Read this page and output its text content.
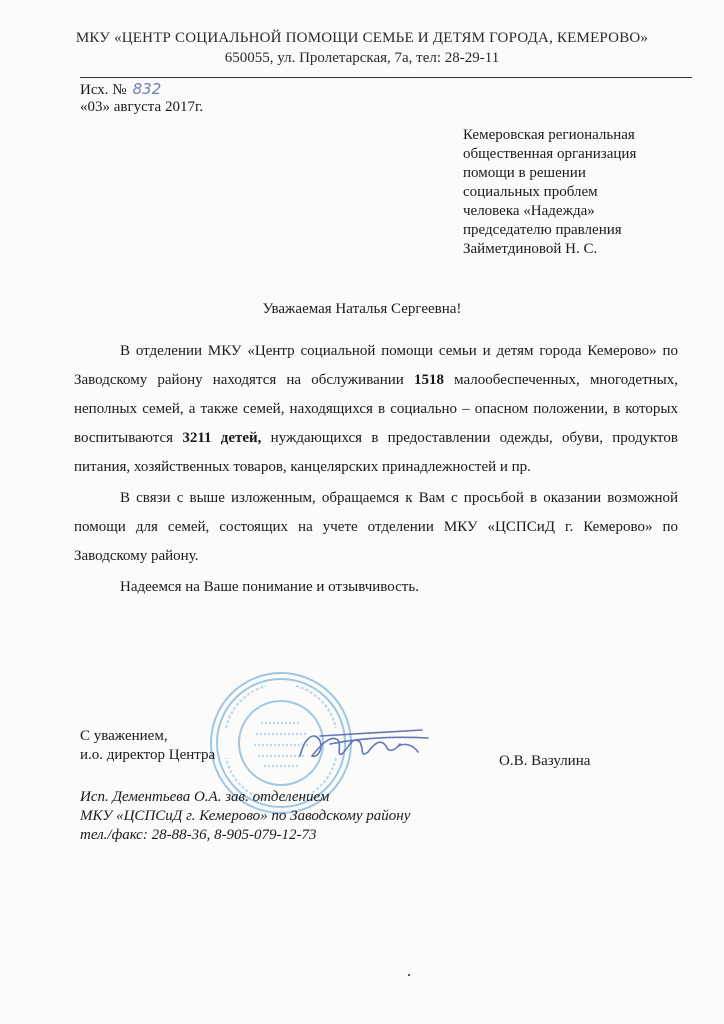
МКУ «ЦЕНТР СОЦИАЛЬНОЙ ПОМОЩИ СЕМЬЕ И ДЕТЯМ ГОРОДА, КЕМЕРОВО»
650055, ул. Пролетарская, 7а, тел: 28-29-11
Исх. № 832
«03» августа 2017г.
Кемеровская региональная
общественная организация
помощи в решении
социальных проблем
человека «Надежда»
председателю правления
Займетдиновой Н. С.
Уважаемая Наталья Сергеевна!

В отделении МКУ «Центр социальной помощи семьи и детям города Кемерово» по Заводскому району находятся на обслуживании 1518 малообеспеченных, многодетных, неполных семей, а также семей, находящихся в социально – опасном положении, в которых воспитываются 3211 детей, нуждающихся в предоставлении одежды, обуви, продуктов питания, хозяйственных товаров, канцелярских принадлежностей и пр.

В связи с выше изложенным, обращаемся к Вам с просьбой в оказании возможной помощи для семей, состоящих на учете отделении МКУ «ЦСПСиД г. Кемерово» по Заводскому району.

Надеемся на Ваше понимание и отзывчивость.

С уважением,
и.о. директор Центра	О.В. Вазулина
Исп. Дементьева О.А. зав. отделением
МКУ «ЦСПСиД г. Кемерово» по Заводскому району
тел./факс: 28-88-36, 8-905-079-12-73
